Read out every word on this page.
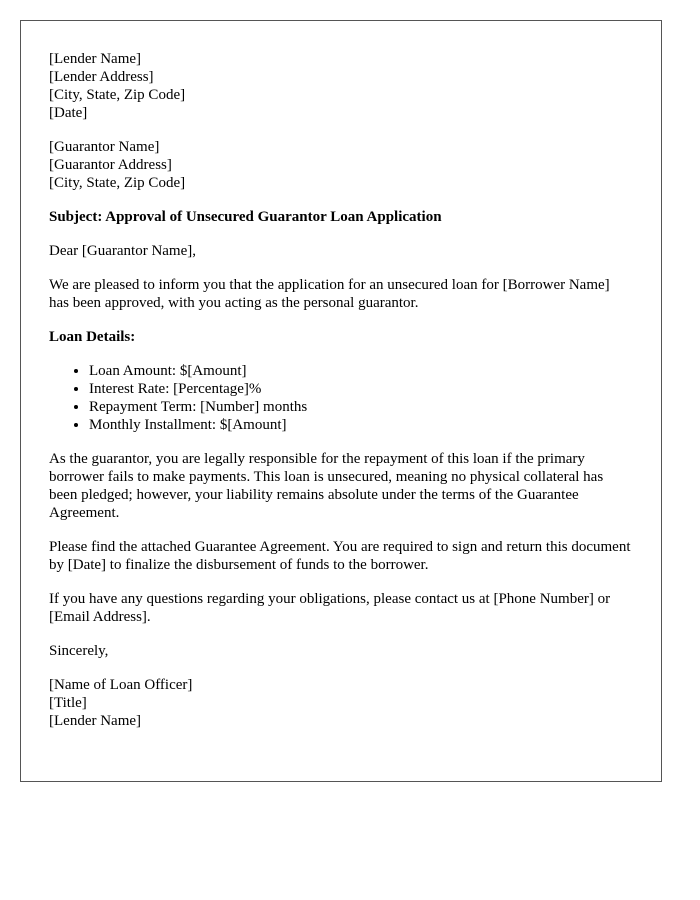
[Lender Name]
[Lender Address]
[City, State, Zip Code]
[Date]

[Guarantor Name]
[Guarantor Address]
[City, State, Zip Code]

Subject: Approval of Unsecured Guarantor Loan Application

Dear [Guarantor Name],

We are pleased to inform you that the application for an unsecured loan for [Borrower Name] has been approved, with you acting as the personal guarantor.

Loan Details:

• Loan Amount: $[Amount]
• Interest Rate: [Percentage]%
• Repayment Term: [Number] months
• Monthly Installment: $[Amount]

As the guarantor, you are legally responsible for the repayment of this loan if the primary borrower fails to make payments. This loan is unsecured, meaning no physical collateral has been pledged; however, your liability remains absolute under the terms of the Guarantee Agreement.

Please find the attached Guarantee Agreement. You are required to sign and return this document by [Date] to finalize the disbursement of funds to the borrower.

If you have any questions regarding your obligations, please contact us at [Phone Number] or [Email Address].

Sincerely,

[Name of Loan Officer]
[Title]
[Lender Name]
